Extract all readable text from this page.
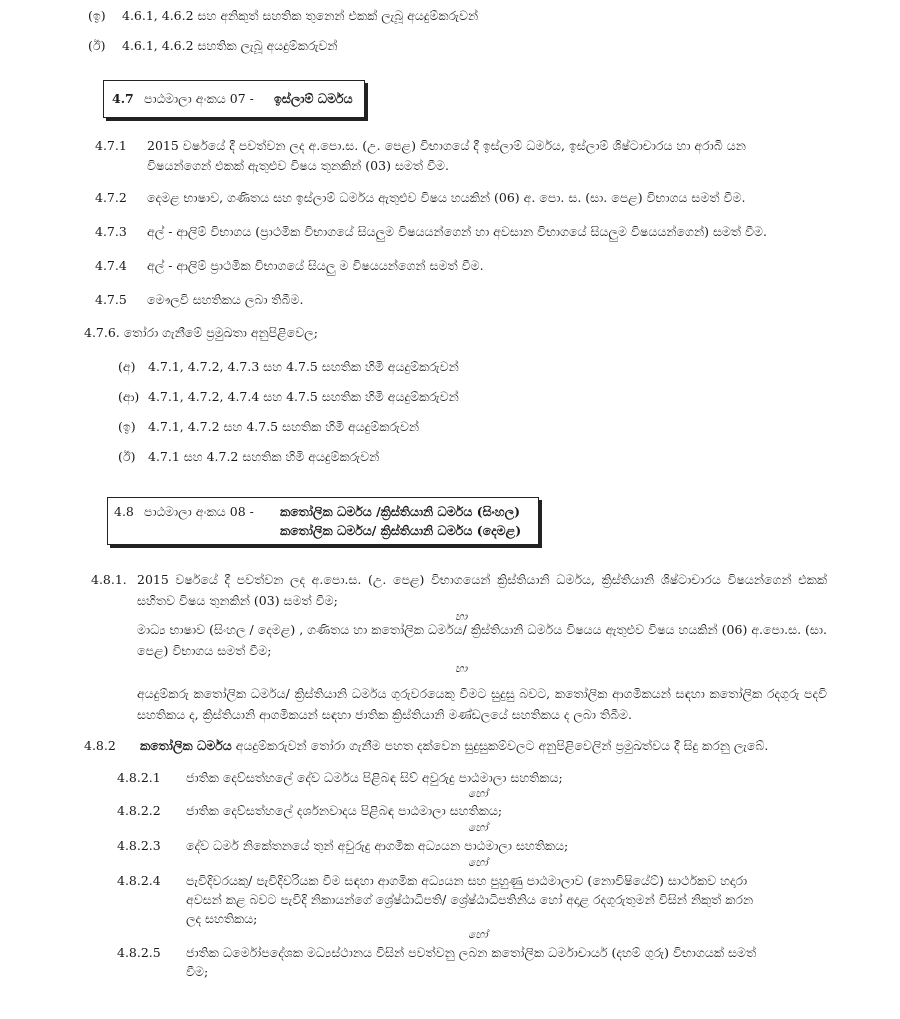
(ඉ) 4.6.1, 4.6.2 සහ අනිකුත් සහතික තුනෙන් එකක් ලැබූ අයදුම්කරුවන්
(ඊ) 4.6.1, 4.6.2 සහතික ලැබූ අයදුම්කරුවන්
4.7 පාඨමාලා අංකය 07 - ඉස්ලාම් ධර්මය
4.7.1 2015 වර්ෂයේ දී පවත්වන ලද අ.පො.ස. (උ. පෙළ) විභාගයේ දී ඉස්ලාම් ධර්මය, ඉස්ලාම් ශිෂ්ටාචාරය හා අරාබි යන
විෂයන්ගෙන් එකක් ඇතුළුව විෂය තුනකින් (03) සමත් වීම.
4.7.2 දෙමළ භාෂාව, ගණිතය සහ ඉස්ලාම් ධර්මය ඇතුළුව විෂය හයකින් (06) අ. පො. ස. (සා. පෙළ) විභාගය සමත් වීම.
4.7.3 අල් - ආලිම් විභාගය (ප්‍රාථමික විභාගයේ සියලුම විෂයයන්ගෙන් හා අවසාන විභාගයේ සියලුම විෂයයන්ගෙන්) සමත් වීම.
4.7.4 අල් - ආලිම් ප්‍රාථමික විභාගයේ සියලු ම විෂයයන්ගෙන් සමත් වීම.
4.7.5 මෞලවි සහතිකය ලබා තිබීම.
4.7.6. තෝරා ගැනීමේ ප්‍රමුඛතා අනුපිළිවෙල;
(අ) 4.7.1, 4.7.2, 4.7.3 සහ 4.7.5 සහතික හිමි අයදුම්කරුවන්
(ආ) 4.7.1, 4.7.2, 4.7.4 සහ 4.7.5 සහතික හිමි අයදුම්කරුවන්
(ඉ) 4.7.1, 4.7.2 සහ 4.7.5 සහතික හිමි අයදුම්කරුවන්
(ඊ) 4.7.1 සහ 4.7.2 සහතික හිමි අයදුම්කරුවන්
4.8 පාඨමාලා අංකය 08 - කතෝලික ධර්මය /ක්‍රිස්තියානි ධර්මය (සිංහල)
කතෝලික ධර්මය/ ක්‍රිස්තියානි ධර්මය (දෙමළ)
4.8.1. 2015 වර්ෂයේ දී පවත්වන ලද අ.පො.ස. (උ. පෙළ) විභාගයෙන් ක්‍රිස්තියානි ධර්මය, ක්‍රිස්තියානි ශිෂ්ටාචාරය විෂයන්ගෙන් එකක් සහිතව විෂය තුනකින් (03) සමත් වීම;
හා
මාධ්‍ය භාෂාව (සිංහල / දෙමළ) , ගණිතය හා කතෝලික ධර්මය/ ක්‍රිස්තියානි ධර්මය විෂයය ඇතුළුව විෂය හයකින් (06) අ.පො.ස. (සා. පෙළ) විභාගය සමත් වීම;
හා
අයදුම්කරු කතෝලික ධර්මය/ ක්‍රිස්තියානි ධර්මය ගුරුවරයෙකු වීමට සුදුසු බවට, කතෝලික ආගමිකයන් සඳහා කතෝලික රදගුරු පදවි සහතිකය ද, ක්‍රිස්තියානි ආගමිකයන් සඳහා ජාතික ක්‍රිස්තියානි මණ්ඩලයේ සහතිකය ද ලබා තිබීම.
4.8.2 කතෝලික ධර්මය අයදුම්කරුවන් තෝරා ගැනීම පහත දක්වෙන සුදුසුකම්වලට අනුපිළිවෙලින් ප්‍රමුඛත්වය දී සිදු කරනු ලැබේ.
4.8.2.1 ජාතික දෙව්සත්හලේ දේව ධර්මය පිළිබඳ සිව් අවුරුදු පාඨමාලා සහතිකය;
හෝ
4.8.2.2 ජාතික දෙව්සත්හලේ දර්ශනවාදය පිළිබඳ පාඨමාලා සහතිකය;
හෝ
4.8.2.3 දේව ධර්ම නිකේතනයේ තුන් අවුරුදු ආගමික අධ්‍යයන පාඨමාලා සහතිකය;
හෝ
4.8.2.4 පැවිදිවරයකු/ පැවිදිවරියක වීම සඳහා ආගමික අධ්‍යයන සහ පුහුණු පාඨමාලාව (නොවිෂියේට්) සාර්ථකව හදාරා
අවසන් කළ බවට පැවිදි නිකායන්ගේ ශ්‍රේෂ්ඨාධිපති/ ශ්‍රේෂ්ඨාධිපතිනිය හෝ අදාළ රදගුරුතුමන් විසින් නිකුත් කරන
ලද සහතිකය;
හෝ
4.8.2.5 ජාතික ධර්මෝපදේශක මධ්‍යස්ථානය විසින් පවත්වනු ලබන කතෝලික ධර්මාචාර්ය (දහම් ගුරු) විභාගයක් සමත්
වීම;
